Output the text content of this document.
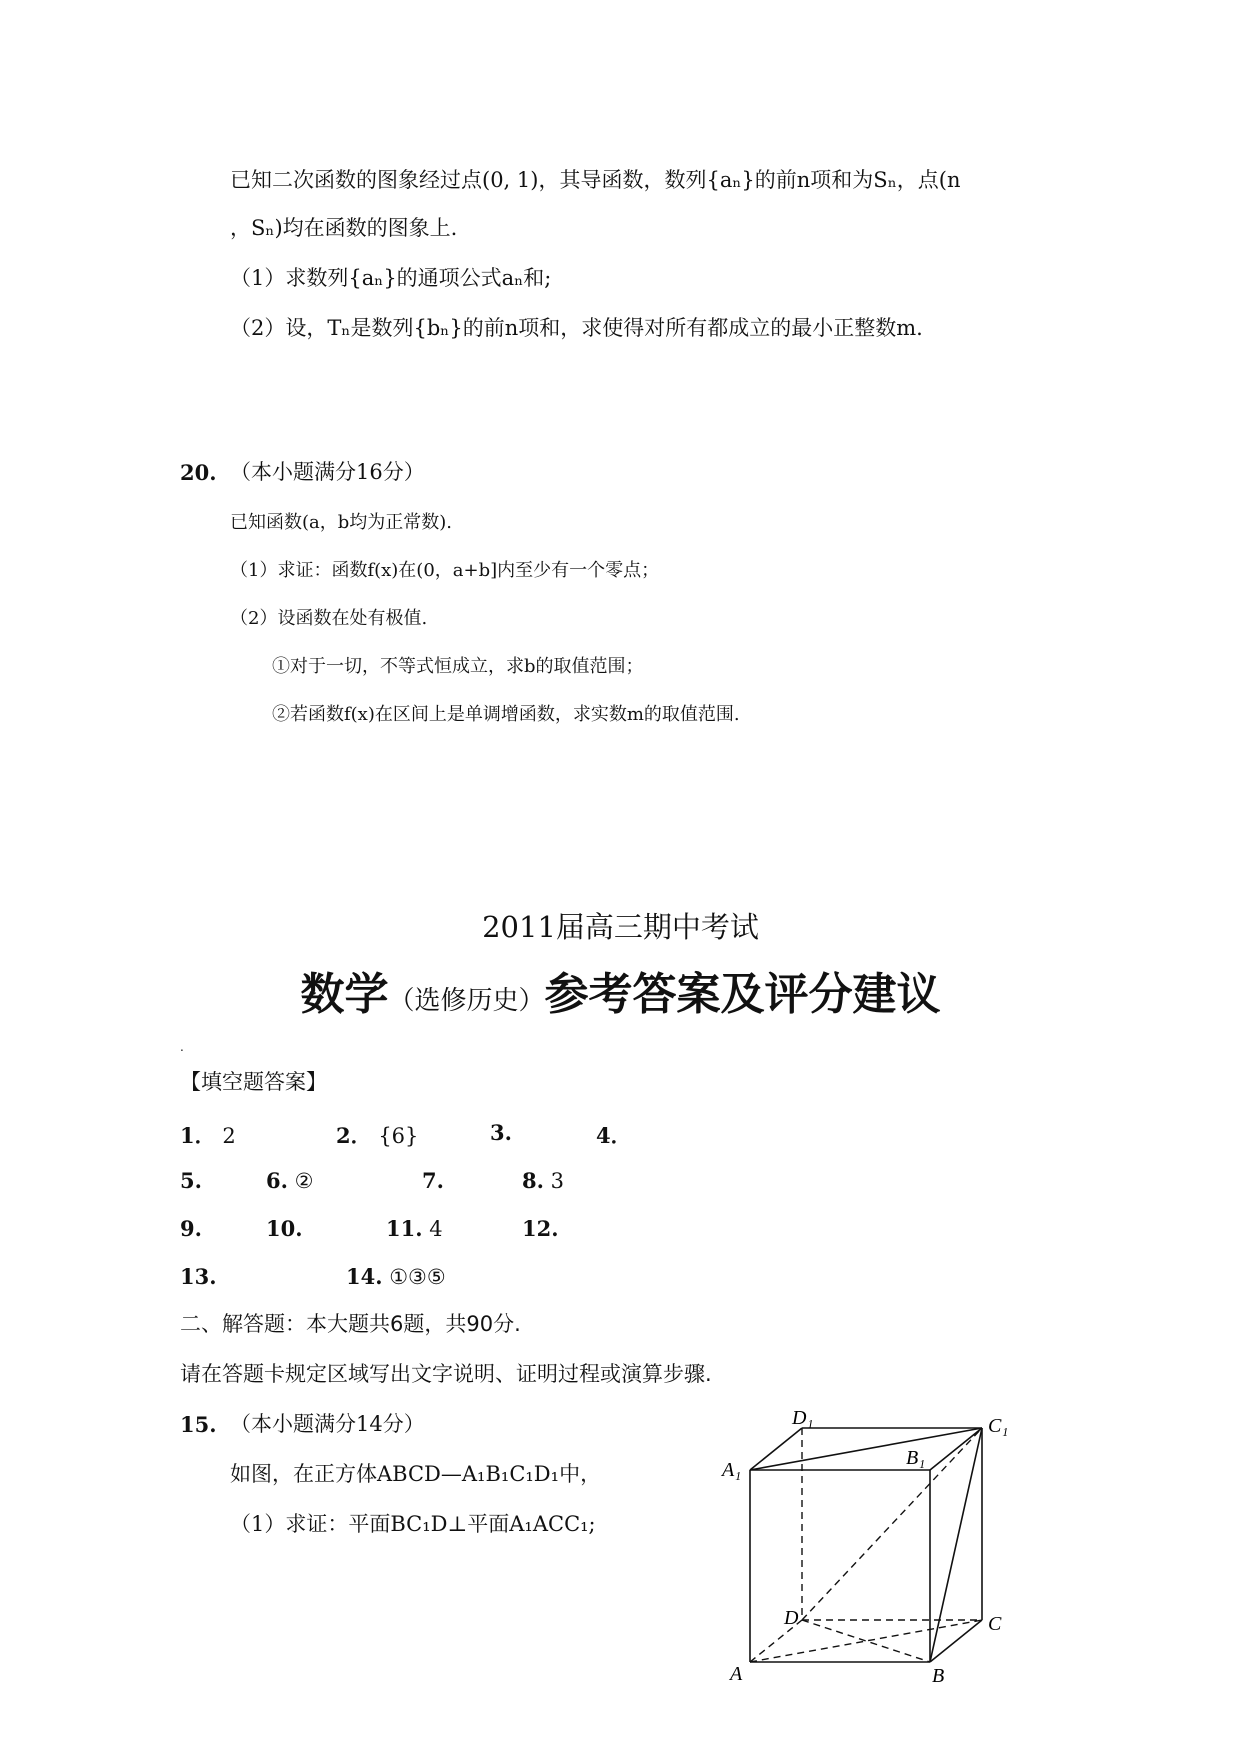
已知二次函数的图象经过点(0, 1)，其导函数，数列{aₙ}的前n项和为Sₙ，点(n
，Sₙ)均在函数的图象上.
（1）求数列{aₙ}的通项公式aₙ和;
（2）设，Tₙ是数列{bₙ}的前n项和，求使得对所有都成立的最小正整数m.
20. （本小题满分16分）
已知函数(a，b均为正常数).
（1）求证：函数f(x)在(0，a+b]内至少有一个零点；
（2）设函数在处有极值.
①对于一切，不等式恒成立，求b的取值范围；
②若函数f(x)在区间上是单调增函数，求实数m的取值范围.
2011届高三期中考试
数学（选修历史）参考答案及评分建议
.
【填空题答案】
1． 2	2． {6}	3.	4．
5.	6. ②	7.	8. 3
9.	10.	11. 4	12.
13.	14. ①③⑤
二、解答题：本大题共6题，共90分.
请在答题卡规定区域写出文字说明、证明过程或演算步骤.
15. （本小题满分14分）
如图，在正方体ABCD—A₁B₁C₁D₁中，
（1）求证：平面BC₁D⊥平面A₁ACC₁;
D₁	C₁
A₁
B₁
D	C
A	B
